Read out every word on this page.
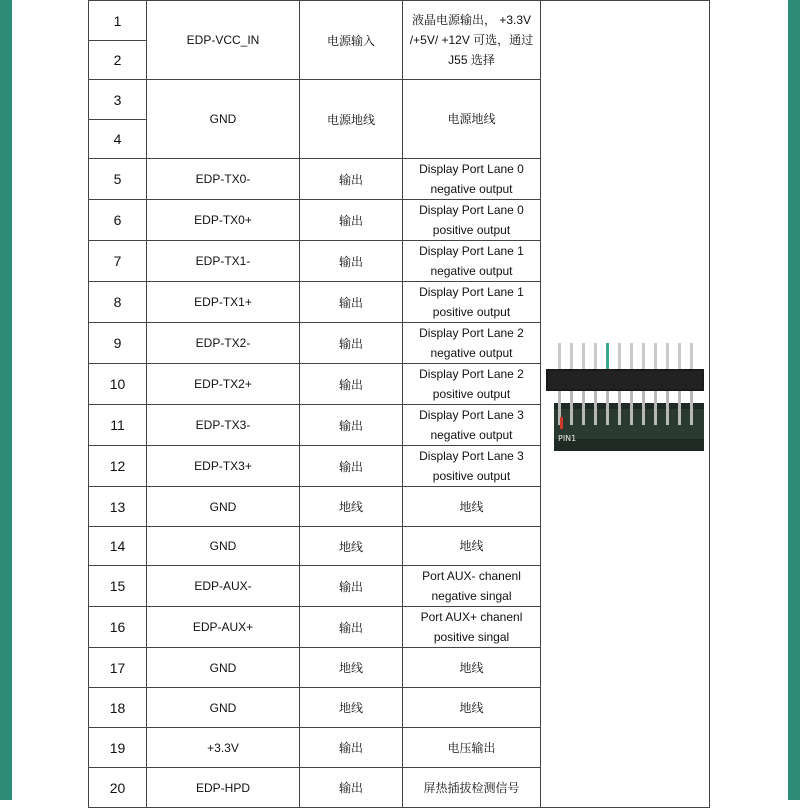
1	EDP-VCC_IN	电源输入	液晶电源输出， +3.3V /+5V/ +12V 可选，通过 J55 选择	PIN1

2				
3	GND	电源地线	电源地线	
4				
5	EDP-TX0-	输出	Display Port Lane 0 negative output	
6	EDP-TX0+	输出	Display Port Lane 0 positive output	
7	EDP-TX1-	输出	Display Port Lane 1 negative output	
8	EDP-TX1+	输出	Display Port Lane 1 positive output	
9	EDP-TX2-	输出	Display Port Lane 2 negative output	
10	EDP-TX2+	输出	Display Port Lane 2 positive output	
11	EDP-TX3-	输出	Display Port Lane 3 negative output	
12	EDP-TX3+	输出	Display Port Lane 3 positive output	
13	GND	地线	地线	
14	GND	地线	地线	
15	EDP-AUX-	输出	Port AUX- chanenl negative singal	
16	EDP-AUX+	输出	Port AUX+ chanenl positive singal	
17	GND	地线	地线	
18	GND	地线	地线	
19	+3.3V	输出	电压输出	
20	EDP-HPD	输出	屏热插拔检测信号	
